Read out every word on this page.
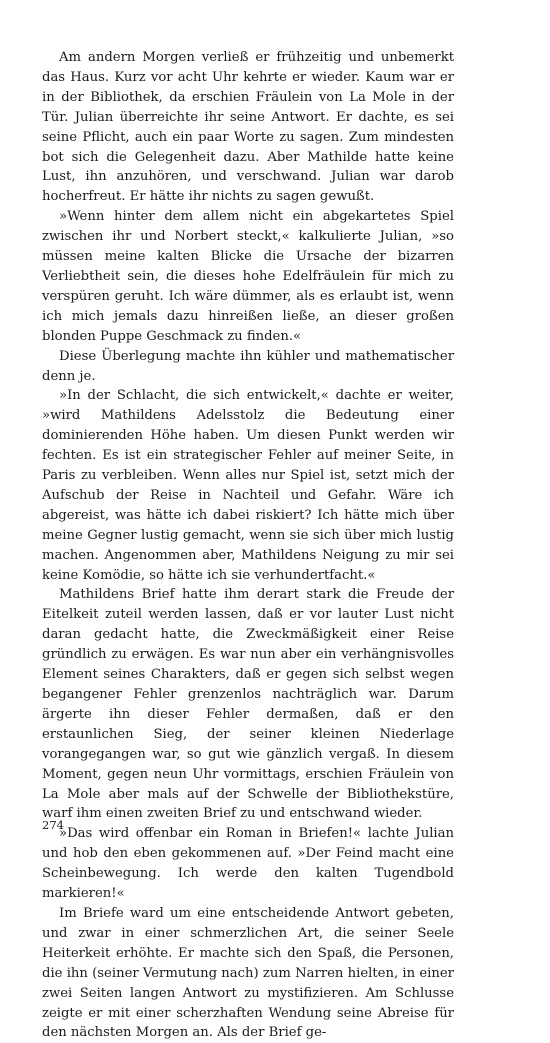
Am andern Morgen verließ er frühzeitig und unbemerkt das Haus. Kurz vor acht Uhr kehrte er wieder. Kaum war er in der Bibliothek, da erschien Fräulein von La Mole in der Tür. Julian überreichte ihr seine Antwort. Er dachte, es sei seine Pflicht, auch ein paar Worte zu sagen. Zum mindesten bot sich die Gelegenheit dazu. Aber Mathilde hatte keine Lust, ihn anzuhören, und verschwand. Julian war darob hocherfreut. Er hätte ihr nichts zu sagen gewußt.

»Wenn hinter dem allem nicht ein abgekartetes Spiel zwischen ihr und Norbert steckt,« kalkulierte Julian, »so müssen meine kalten Blicke die Ursache der bizarren Verliebtheit sein, die dieses hohe Edelfräulein für mich zu verspüren geruht. Ich wäre dümmer, als es erlaubt ist, wenn ich mich jemals dazu hinreißen ließe, an dieser großen blonden Puppe Geschmack zu finden.«

Diese Überlegung machte ihn kühler und mathematischer denn je.

»In der Schlacht, die sich entwickelt,« dachte er weiter, »wird Mathildens Adelsstolz die Bedeutung einer dominierenden Höhe haben. Um diesen Punkt werden wir fechten. Es ist ein strategischer Fehler auf meiner Seite, in Paris zu verbleiben. Wenn alles nur Spiel ist, setzt mich der Aufschub der Reise in Nachteil und Gefahr. Wäre ich abgereist, was hätte ich dabei riskiert? Ich hätte mich über meine Gegner lustig gemacht, wenn sie sich über mich lustig machen. Angenommen aber, Mathildens Neigung zu mir sei keine Komödie, so hätte ich sie verhundertfacht.«

Mathildens Brief hatte ihm derart stark die Freude der Eitelkeit zuteil werden lassen, daß er vor lauter Lust nicht daran gedacht hatte, die Zweckmäßigkeit einer Reise gründlich zu erwägen. Es war nun aber ein verhängnisvolles Element seines Charakters, daß er gegen sich selbst wegen begangener Fehler grenzenlos nachträglich war. Darum ärgerte ihn dieser Fehler dermaßen, daß er den erstaunlichen Sieg, der seiner kleinen Niederlage vorangegangen war, so gut wie gänzlich vergaß. In diesem Moment, gegen neun Uhr vormittags, erschien Fräulein von La Mole aber mals auf der Schwelle der Bibliothekstüre, warf ihm einen zweiten Brief zu und entschwand wieder.

»Das wird offenbar ein Roman in Briefen!« lachte Julian und hob den eben gekommenen auf. »Der Feind macht eine Scheinbewegung. Ich werde den kalten Tugendbold markieren!«

Im Briefe ward um eine entscheidende Antwort gebeten, und zwar in einer schmerzlichen Art, die seiner Seele Heiterkeit erhöhte. Er machte sich den Spaß, die Personen, die ihn (seiner Vermutung nach) zum Narren hielten, in einer zwei Seiten langen Antwort zu mystifizieren. Am Schlusse zeigte er mit einer scherzhaften Wendung seine Abreise für den nächsten Morgen an. Als der Brief ge-

274
